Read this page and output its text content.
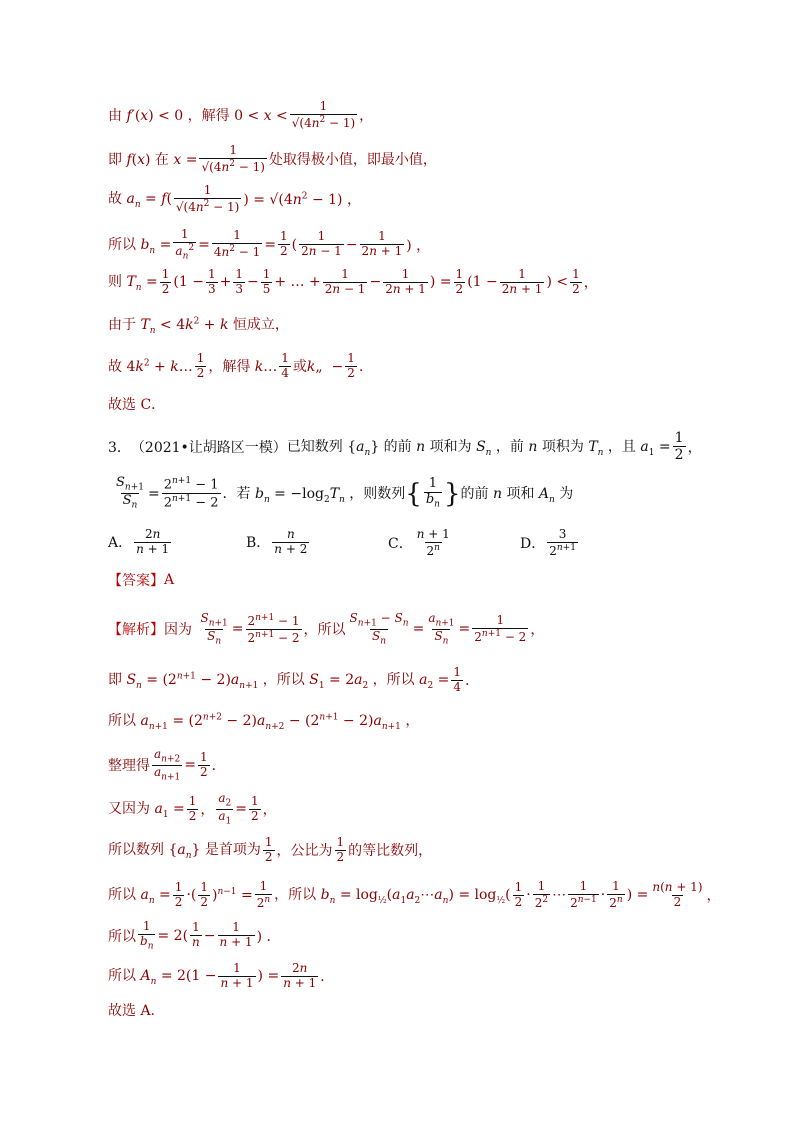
由 f′(x) < 0 ，解得 $0 < x < \frac{1}{√(4n^2 - 1)}$ ，
即 f(x) 在 $x = \frac{1}{√(4n^2 - 1)}$ 处取得极小值，即最小值，
故 $a_n = f( \frac{1}{√(4n^2 - 1)}$ ) = $√(4n^2 - 1)$ ，
所以 $b_n = \frac{1}{a_n^2} = \frac{1}{4n^2 - 1} = \frac{1}{2}$ ( $\frac{1}{2n - 1} - \frac{1}{2n + 1}$ ) ，
则 $T_n = \frac{1}{2} (1 - \frac{1}{3} + \frac{1}{3} - \frac{1}{5}$ + … + $\frac{1}{2n - 1} - \frac{1}{2n + 1}$ ) = $\frac{1}{2} (1 - \frac{1}{2n + 1}$ ) < $\frac{1}{2}$ ，
由于 $T_n < 4k^2 + k$ 恒成立，
故 $4k^2$ + k… $\frac{1}{2}$ ，解得 k… $\frac{1}{4}$ 或k„  − $\frac{1}{2}$ ．
故选 C．
3． （2021•让胡路区一模） 已知数列 $\{a_n\}$ 的前 n 项和为 $S_n$ ，前 n 项积为 $T_n$ ，且 $a_1 = \frac{1}{2}$ ，
$\frac{S_{n+1}}{S_n} = \frac{2^{n+1} - 1}{2^{n+1} - 2}$ ．若 $b_n = -\log_2T_n$ ，则数列 { $\frac{1}{b_n}$ } 的前 n 项和 $A_n$ 为
A． $\frac{2n}{n + 1}$	B． $\frac{n}{n + 2}$	C． $\frac{n + 1}{2^n}$	D． $\frac{3}{2^{n+1}}$
【答案】 A
【解析】 因为 $\frac{S_{n+1}}{S_n} = \frac{2^{n+1} - 1}{2^{n+1} - 2}$ ，所以 $\frac{S_{n+1} - S_n}{S_n} = \frac{a_{n+1}}{S_n} = \frac{1}{2^{n+1} - 2}$ ，
即 $S_n = (2^{n+1} - 2)a_{n+1}$ ，所以 $S_1 = 2a_2$ ，所以 $a_2 = \frac{1}{4}$ ．
所以 $a_{n+1} = (2^{n+2} - 2)a_{n+2} - (2^{n+1} - 2)a_{n+1}$ ，
整理得 $\frac{a_{n+2}}{a_{n+1}} = \frac{1}{2}$ ．
又因为 $a_1 = \frac{1}{2}$ ， $\frac{a_2}{a_1} = \frac{1}{2}$ ，
所以数列 $\{a_n\}$ 是首项为 $\frac{1}{2}$ ，公比为 $\frac{1}{2}$ 的等比数列，
所以 $a_n = \frac{1}{2}$ ·( $\frac{1}{2} )^{n-1} = \frac{1}{2^n}$ ，所以 $b_n$ = $\log_{\frac{1}{2}}(a_1a_2\cdots a_n) = \log_{\frac{1}{2}}( \frac{1}{2} \cdot \frac{1}{2^2}$ ⋯ $\frac{1}{2^{n-1}} \cdot \frac{1}{2^n}$ ) = $\frac{n(n + 1)}{2}$ ，
所以 $\frac{1}{b_n} = 2( \frac{1}{n} - \frac{1}{n + 1}$ ) ．
所以 $A_n = 2(1 - \frac{1}{n + 1}$ ) = $\frac{2n}{n + 1}$ ．
故选 A．
